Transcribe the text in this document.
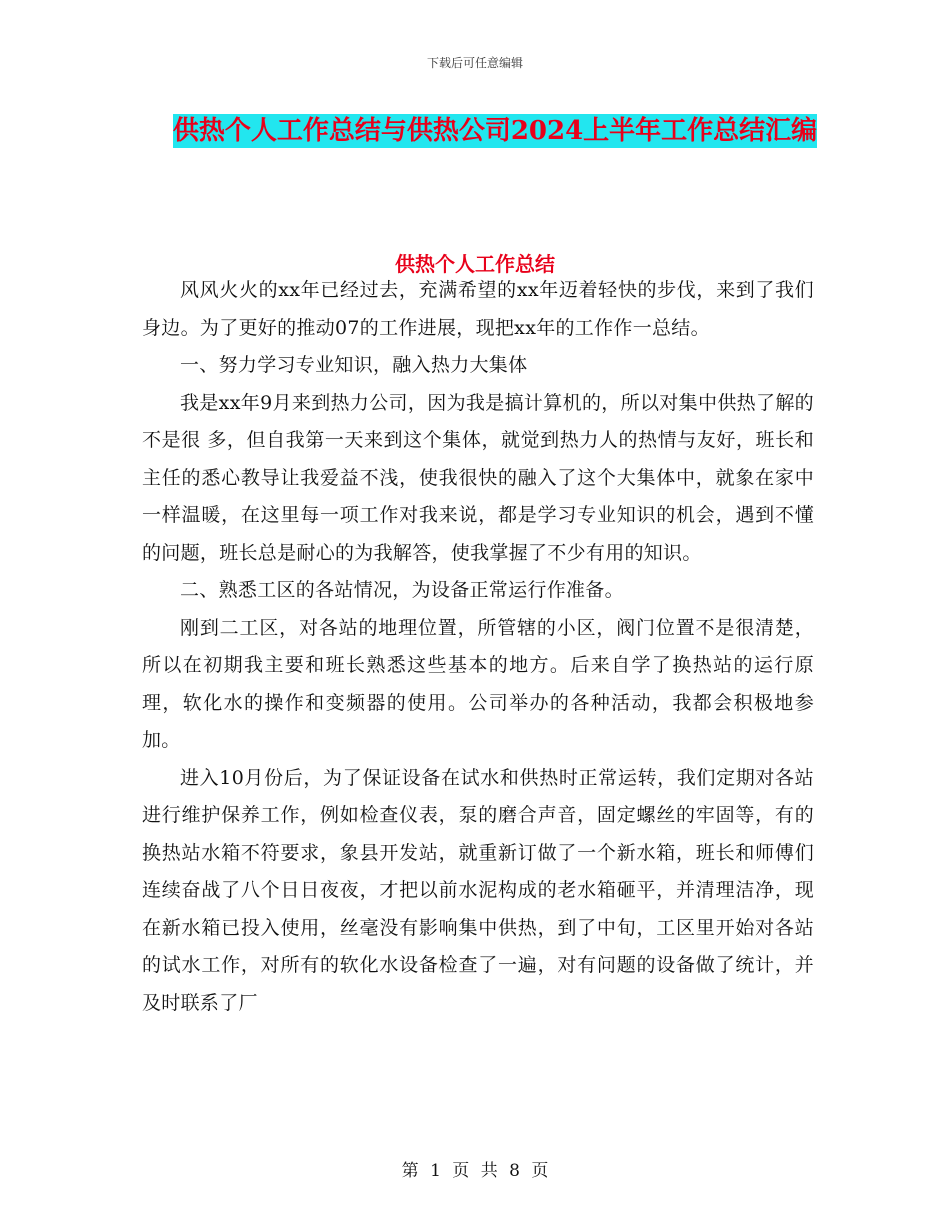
下载后可任意编辑
供热个人工作总结与供热公司2024上半年工作总结汇编
供热个人工作总结

风风火火的xx年已经过去，充满希望的xx年迈着轻快的步伐，来到了我们身边。为了更好的推动07的工作进展，现把xx年的工作作一总结。

一、努力学习专业知识，融入热力大集体

我是xx年9月来到热力公司，因为我是搞计算机的，所以对集中供热了解的不是很 多，但自我第一天来到这个集体，就觉到热力人的热情与友好，班长和主任的悉心教导让我爱益不浅，使我很快的融入了这个大集体中，就象在家中一样温暖，在这里每一项工作对我来说，都是学习专业知识的机会，遇到不懂的问题，班长总是耐心的为我解答，使我掌握了不少有用的知识。

二、熟悉工区的各站情况，为设备正常运行作准备。

刚到二工区，对各站的地理位置，所管辖的小区，阀门位置不是很清楚，所以在初期我主要和班长熟悉这些基本的地方。后来自学了换热站的运行原理，软化水的操作和变频器的使用。公司举办的各种活动，我都会积极地参加。

进入10月份后，为了保证设备在试水和供热时正常运转，我们定期对各站进行维护保养工作，例如检查仪表，泵的磨合声音，固定螺丝的牢固等，有的换热站水箱不符要求，象县开发站，就重新订做了一个新水箱，班长和师傅们连续奋战了八个日日夜夜，才把以前水泥构成的老水箱砸平，并清理洁净，现在新水箱已投入使用，丝毫没有影响集中供热，到了中旬，工区里开始对各站的试水工作，对所有的软化水设备检查了一遍，对有问题的设备做了统计，并及时联系了厂

第 1 页 共 8 页
